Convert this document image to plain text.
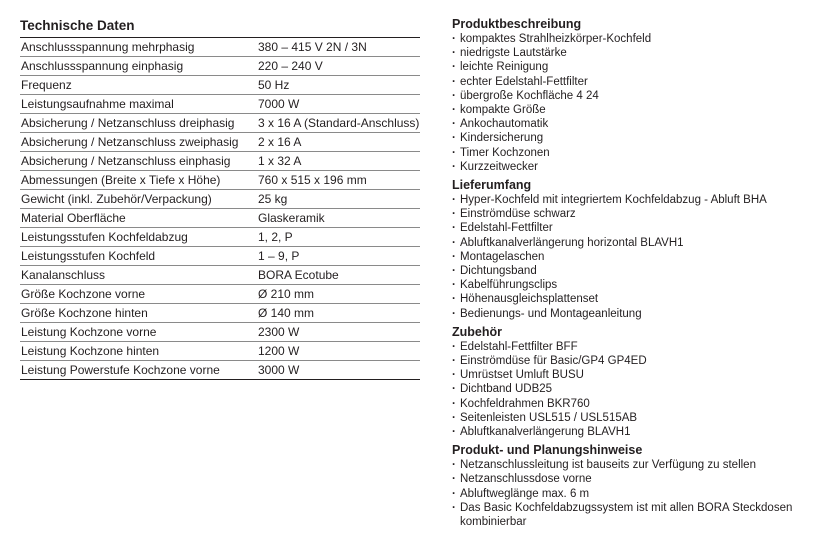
Technische Daten
Anschlussspannung mehrphasig	380 – 415 V 2N / 3N
Anschlussspannung einphasig	220 – 240 V
Frequenz	50 Hz
Leistungsaufnahme maximal	7000 W
Absicherung / Netzanschluss dreiphasig	3 x 16 A (Standard-Anschluss)
Absicherung / Netzanschluss zweiphasig	2 x 16 A
Absicherung / Netzanschluss einphasig	1 x 32 A
Abmessungen (Breite x Tiefe x Höhe)	760 x 515 x 196 mm
Gewicht (inkl. Zubehör/Verpackung)	25 kg
Material Oberfläche	Glaskeramik
Leistungsstufen Kochfeldabzug	1, 2, P
Leistungsstufen Kochfeld	1 – 9, P
Kanalanschluss	BORA Ecotube
Größe Kochzone vorne	Ø 210 mm
Größe Kochzone hinten	Ø 140 mm
Leistung Kochzone vorne	2300 W
Leistung Kochzone hinten	1200 W
Leistung Powerstufe Kochzone vorne	3000 W
Produktbeschreibung
· kompaktes Strahlheizkörper-Kochfeld
· niedrigste Lautstärke
· leichte Reinigung
· echter Edelstahl-Fettfilter
· übergroße Kochfläche 4 24
· kompakte Größe
· Ankochautomatik
· Kindersicherung
· Timer Kochzonen
· Kurzzeitwecker
Lieferumfang
· Hyper-Kochfeld mit integriertem Kochfeldabzug - Abluft BHA
· Einströmdüse schwarz
· Edelstahl-Fettfilter
· Abluftkanalverlängerung horizontal BLAVH1
· Montagelaschen
· Dichtungsband
· Kabelführungsclips
· Höhenausgleichsplattenset
· Bedienungs- und Montageanleitung
Zubehör
· Edelstahl-Fettfilter BFF
· Einströmdüse für Basic/GP4 GP4ED
· Umrüstset Umluft BUSU
· Dichtband UDB25
· Kochfeldrahmen BKR760
· Seitenleisten USL515 / USL515AB
· Abluftkanalverlängerung BLAVH1
Produkt- und Planungshinweise
· Netzanschlussleitung ist bauseits zur Verfügung zu stellen
· Netzanschlussdose vorne
· Abluftweglänge max. 6 m
· Das Basic Kochfeldabzugssystem ist mit allen BORA Steckdosen kombinierbar
